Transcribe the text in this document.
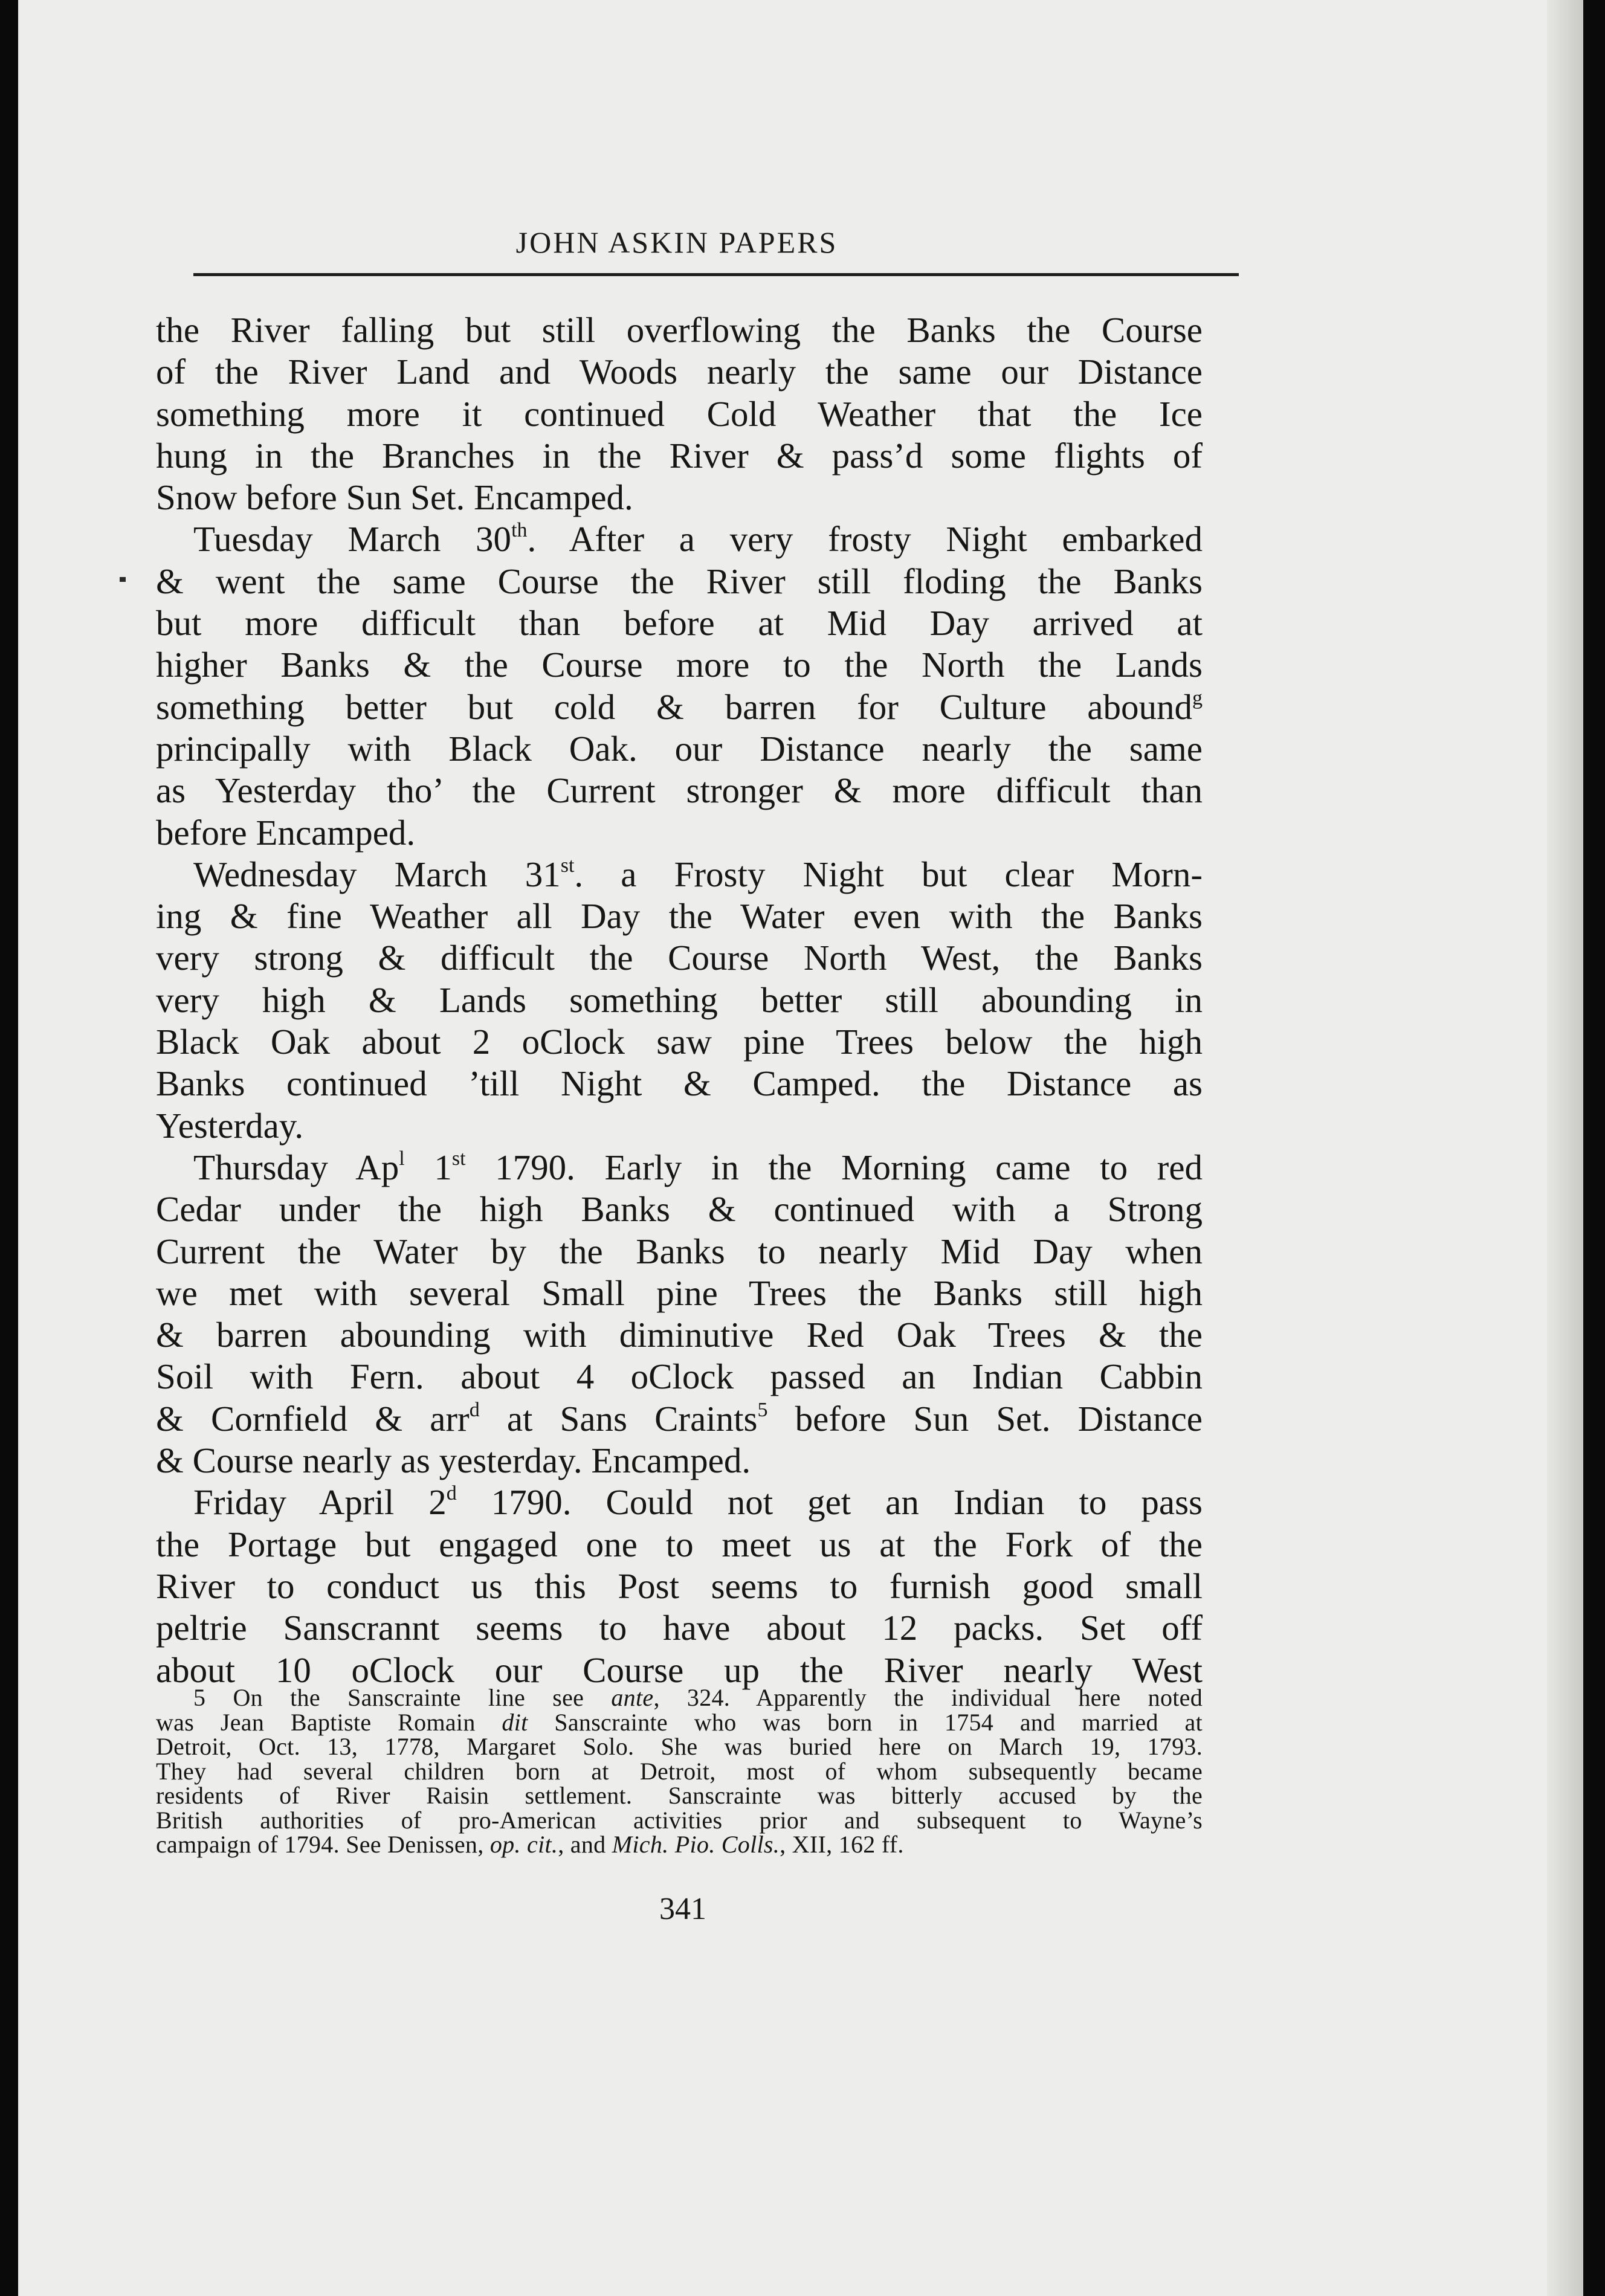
JOHN ASKIN PAPERS
the River falling but still overflowing the Banks the Course
of the River Land and Woods nearly the same our Distance
something more it continued Cold Weather that the Ice
hung in the Branches in the River & pass’d some flights of
Snow before Sun Set. Encamped.
Tuesday March 30th. After a very frosty Night embarked
& went the same Course the River still floding the Banks
but more difficult than before at Mid Day arrived at
higher Banks & the Course more to the North the Lands
something better but cold & barren for Culture abound$^g$
principally with Black Oak. our Distance nearly the same
as Yesterday tho’ the Current stronger & more difficult than
before Encamped.
Wednesday March 31st. a Frosty Night but clear Morn-
ing & fine Weather all Day the Water even with the Banks
very strong & difficult the Course North West, the Banks
very high & Lands something better still abounding in
Black Oak about 2 oClock saw pine Trees below the high
Banks continued ’till Night & Camped. the Distance as
Yesterday.
Thursday Ap$^l$ 1st 1790. Early in the Morning came to red
Cedar under the high Banks & continued with a Strong
Current the Water by the Banks to nearly Mid Day when
we met with several Small pine Trees the Banks still high
& barren abounding with diminutive Red Oak Trees & the
Soil with Fern. about 4 oClock passed an Indian Cabbin
& Cornfield & arr$^d$ at Sans Craints$^5$ before Sun Set. Distance
& Course nearly as yesterday. Encamped.
Friday April 2$^d$ 1790. Could not get an Indian to pass
the Portage but engaged one to meet us at the Fork of the
River to conduct us this Post seems to furnish good small
peltrie Sanscrannt seems to have about 12 packs. Set off
about 10 oClock our Course up the River nearly West
5 On the Sanscrainte line see ante, 324. Apparently the individual here noted
was Jean Baptiste Romain dit Sanscrainte who was born in 1754 and married at
Detroit, Oct. 13, 1778, Margaret Solo. She was buried here on March 19, 1793.
They had several children born at Detroit, most of whom subsequently became
residents of River Raisin settlement. Sanscrainte was bitterly accused by the
British authorities of pro-American activities prior and subsequent to Wayne’s
campaign of 1794. See Denissen, op. cit., and Mich. Pio. Colls., XII, 162 ff.
341
